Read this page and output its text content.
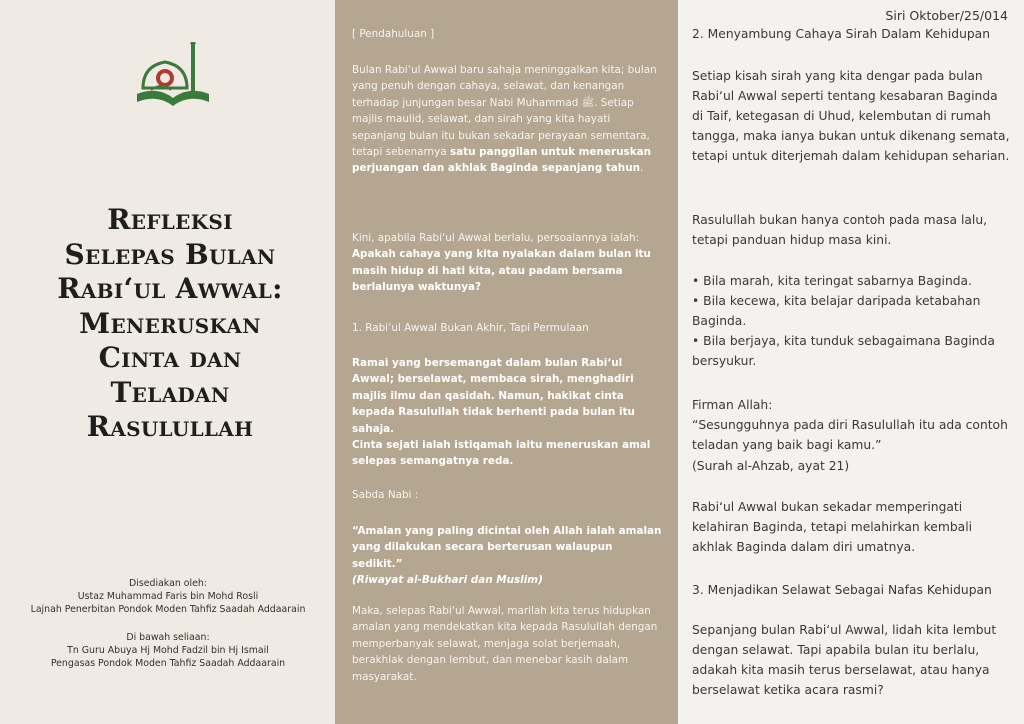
Siri Oktober/25/014
Refleksi
Selepas Bulan
Rabi‘ul Awwal:
Meneruskan
Cinta dan
Teladan
Rasulullah
Disediakan oleh:
Ustaz Muhammad Faris bin Mohd Rosli
Lajnah Penerbitan Pondok Moden Tahfiz Saadah Addaarain
Di bawah seliaan:
Tn Guru Abuya Hj Mohd Fadzil bin Hj Ismail
Pengasas Pondok Moden Tahfiz Saadah Addaarain
[ Pendahuluan ]
Bulan Rabi‘ul Awwal baru sahaja meninggalkan kita; bulan yang penuh dengan cahaya, selawat, dan kenangan terhadap junjungan besar Nabi Muhammad ﷺ. Setiap majlis maulid, selawat, dan sirah yang kita hayati sepanjang bulan itu bukan sekadar perayaan sementara, tetapi sebenarnya satu panggilan untuk meneruskan perjuangan dan akhlak Baginda sepanjang tahun.
Kini, apabila Rabi‘ul Awwal berlalu, persoalannya ialah:
Apakah cahaya yang kita nyalakan dalam bulan itu masih hidup di hati kita, atau padam bersama berlalunya waktunya?
1. Rabi‘ul Awwal Bukan Akhir, Tapi Permulaan
Ramai yang bersemangat dalam bulan Rabi‘ul Awwal; berselawat, membaca sirah, menghadiri majlis ilmu dan qasidah. Namun, hakikat cinta kepada Rasulullah tidak berhenti pada bulan itu sahaja.
Cinta sejati ialah istiqamah iaitu meneruskan amal selepas semangatnya reda.
Sabda Nabi :
“Amalan yang paling dicintai oleh Allah ialah amalan yang dilakukan secara berterusan walaupun sedikit.”
(Riwayat al-Bukhari dan Muslim)
Maka, selepas Rabi‘ul Awwal, marilah kita terus hidupkan amalan yang mendekatkan kita kepada Rasulullah dengan memperbanyak selawat, menjaga solat berjemaah, berakhlak dengan lembut, dan menebar kasih dalam masyarakat.
2. Menyambung Cahaya Sirah Dalam Kehidupan
Setiap kisah sirah yang kita dengar pada bulan Rabi‘ul Awwal seperti tentang kesabaran Baginda di Taif, ketegasan di Uhud, kelembutan di rumah tangga, maka ianya bukan untuk dikenang semata, tetapi untuk diterjemah dalam kehidupan seharian.
Rasulullah bukan hanya contoh pada masa lalu, tetapi panduan hidup masa kini.
• Bila marah, kita teringat sabarnya Baginda.
• Bila kecewa, kita belajar daripada ketabahan Baginda.
• Bila berjaya, kita tunduk sebagaimana Baginda bersyukur.
Firman Allah:
“Sesungguhnya pada diri Rasulullah itu ada contoh teladan yang baik bagi kamu.”
(Surah al-Ahzab, ayat 21)
Rabi‘ul Awwal bukan sekadar memperingati kelahiran Baginda, tetapi melahirkan kembali akhlak Baginda dalam diri umatnya.
3. Menjadikan Selawat Sebagai Nafas Kehidupan
Sepanjang bulan Rabi‘ul Awwal, lidah kita lembut dengan selawat. Tapi apabila bulan itu berlalu, adakah kita masih terus berselawat, atau hanya berselawat ketika acara rasmi?
